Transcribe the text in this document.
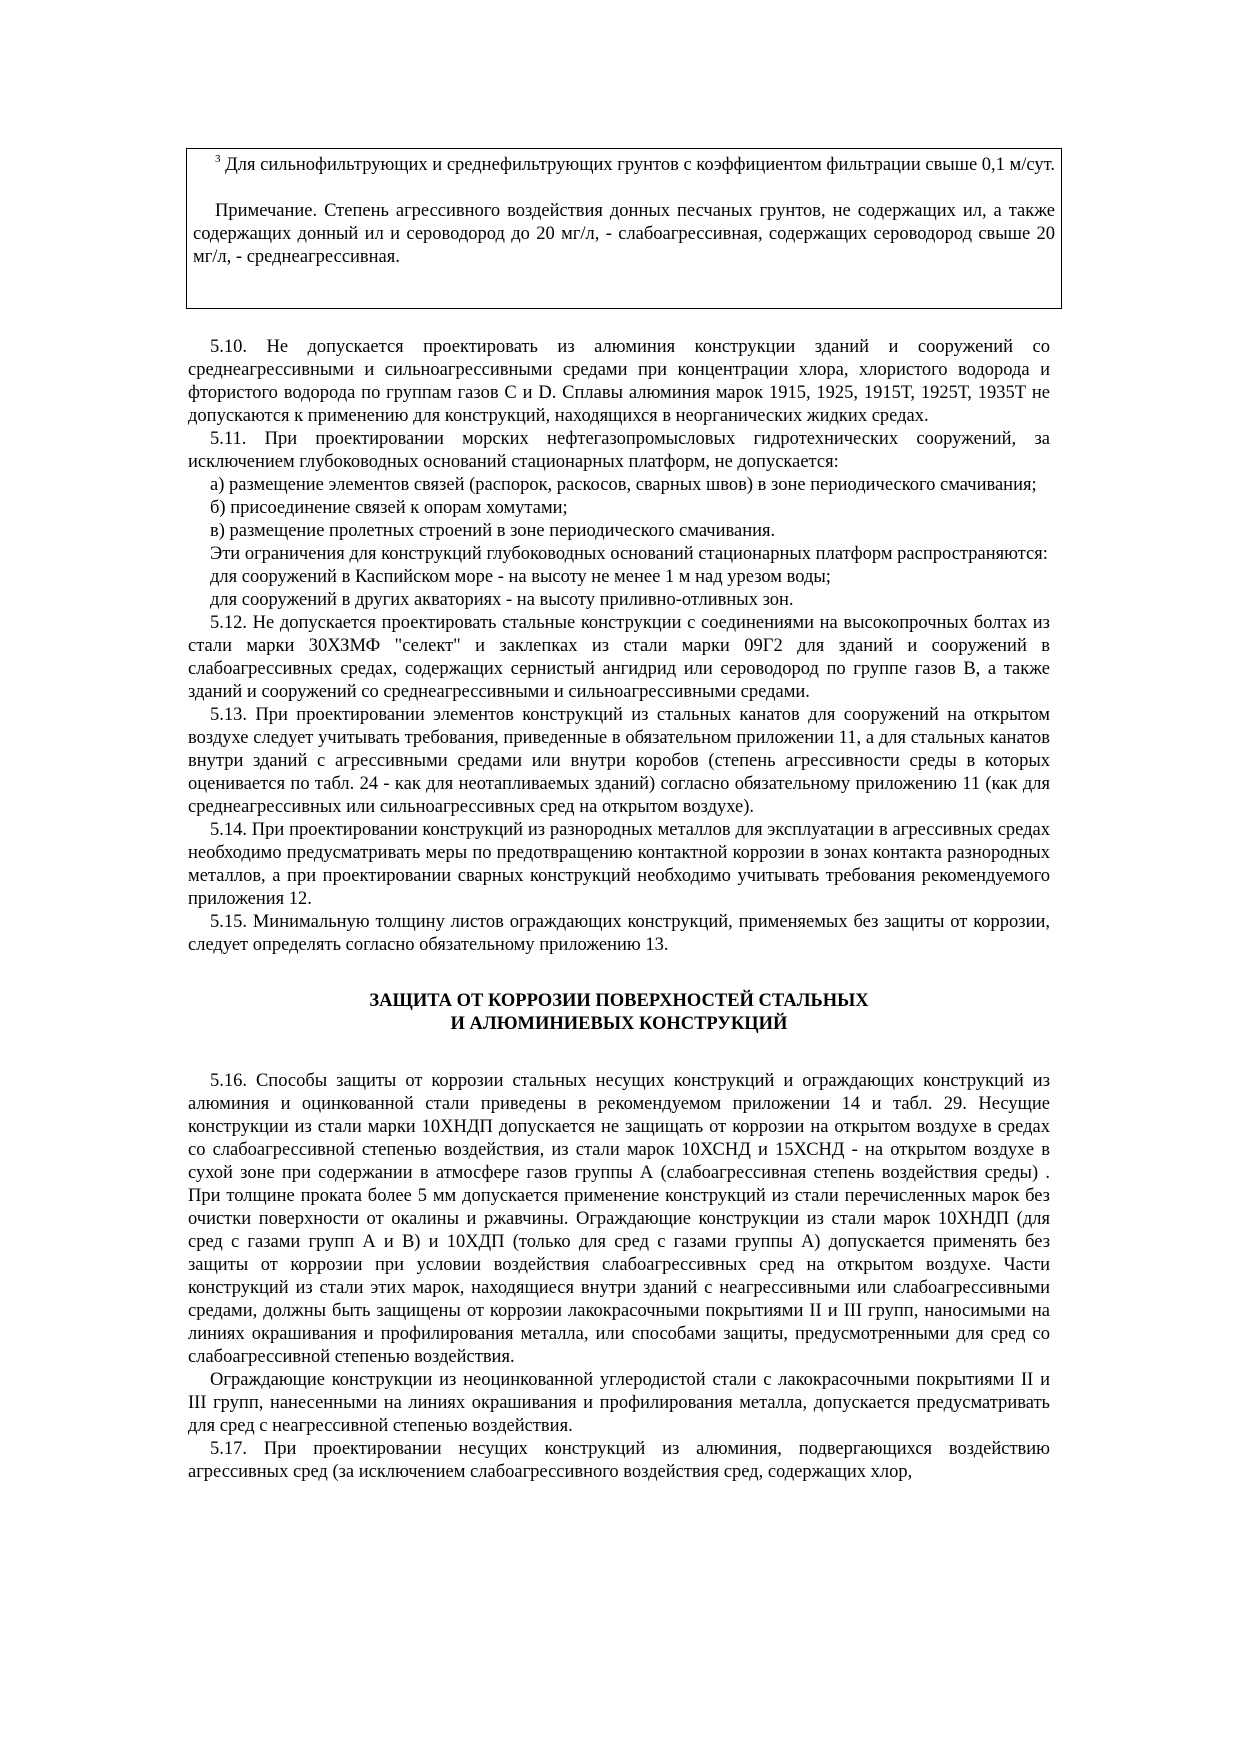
$^3$ Для сильнофильтрующих и среднефильтрующих грунтов с коэффициентом фильтрации свыше 0,1 м/сут.

Примечание. Степень агрессивного воздействия донных песчаных грунтов, не содержащих ил, а также содержащих донный ил и сероводород до 20 мг/л, - слабоагрессивная, содержащих сероводород свыше 20 мг/л, - среднеагрессивная.

5.10. Не допускается проектировать из алюминия конструкции зданий и сооружений со среднеагрессивными и сильноагрессивными средами при концентрации хлора, хлористого водорода и фтористого водорода по группам газов С и D. Сплавы алюминия марок 1915, 1925, 1915Т, 1925Т, 1935Т не допускаются к применению для конструкций, находящихся в неорганических жидких средах.

5.11. При проектировании морских нефтегазопромысловых гидротехнических сооружений, за исключением глубоководных оснований стационарных платформ, не допускается:

а) размещение элементов связей (распорок, раскосов, сварных швов) в зоне периодического смачивания;

б) присоединение связей к опорам хомутами;

в) размещение пролетных строений в зоне периодического смачивания.

Эти ограничения для конструкций глубоководных оснований стационарных платформ распространяются:

для сооружений в Каспийском море - на высоту не менее 1 м над урезом воды;

для сооружений в других акваториях - на высоту приливно-отливных зон.

5.12. Не допускается проектировать стальные конструкции с соединениями на высокопрочных болтах из стали марки 30ХЗМФ "селект" и заклепках из стали марки 09Г2 для зданий и сооружений в слабоагрессивных средах, содержащих сернистый ангидрид или сероводород по группе газов В, а также зданий и сооружений со среднеагрессивными и сильноагрессивными средами.

5.13. При проектировании элементов конструкций из стальных канатов для сооружений на открытом воздухе следует учитывать требования, приведенные в обязательном приложении 11, а для стальных канатов внутри зданий с агрессивными средами или внутри коробов (степень агрессивности среды в которых оценивается по табл. 24 - как для неотапливаемых зданий) согласно обязательному приложению 11 (как для среднеагрессивных или сильноагрессивных сред на открытом воздухе).

5.14. При проектировании конструкций из разнородных металлов для эксплуатации в агрессивных средах необходимо предусматривать меры по предотвращению контактной коррозии в зонах контакта разнородных металлов, а при проектировании сварных конструкций необходимо учитывать требования рекомендуемого приложения 12.

5.15. Минимальную толщину листов ограждающих конструкций, применяемых без защиты от коррозии, следует определять согласно обязательному приложению 13.

ЗАЩИТА ОТ КОРРОЗИИ ПОВЕРХНОСТЕЙ СТАЛЬНЫХ
И АЛЮМИНИЕВЫХ КОНСТРУКЦИЙ

5.16. Способы защиты от коррозии стальных несущих конструкций и ограждающих конструкций из алюминия и оцинкованной стали приведены в рекомендуемом приложении 14 и табл. 29. Несущие конструкции из стали марки 10ХНДП допускается не защищать от коррозии на открытом воздухе в средах со слабоагрессивной степенью воздействия, из стали марок 10ХСНД и 15ХСНД - на открытом воздухе в сухой зоне при содержании в атмосфере газов группы А (слабоагрессивная степень воздействия среды) . При толщине проката более 5 мм допускается применение конструкций из стали перечисленных марок без очистки поверхности от окалины и ржавчины. Ограждающие конструкции из стали марок 10ХНДП (для сред с газами групп А и В) и 10ХДП (только для сред с газами группы А) допускается применять без защиты от коррозии при условии воздействия слабоагрессивных сред на открытом воздухе. Части конструкций из стали этих марок, находящиеся внутри зданий с неагрессивными или слабоагрессивными средами, должны быть защищены от коррозии лакокрасочными покрытиями II и III групп, наносимыми на линиях окрашивания и профилирования металла, или способами защиты, предусмотренными для сред со слабоагрессивной степенью воздействия.

Ограждающие конструкции из неоцинкованной углеродистой стали с лакокрасочными покрытиями II и III групп, нанесенными на линиях окрашивания и профилирования металла, допускается предусматривать для сред с неагрессивной степенью воздействия.

5.17. При проектировании несущих конструкций из алюминия, подвергающихся воздействию агрессивных сред (за исключением слабоагрессивного воздействия сред, содержащих хлор,
